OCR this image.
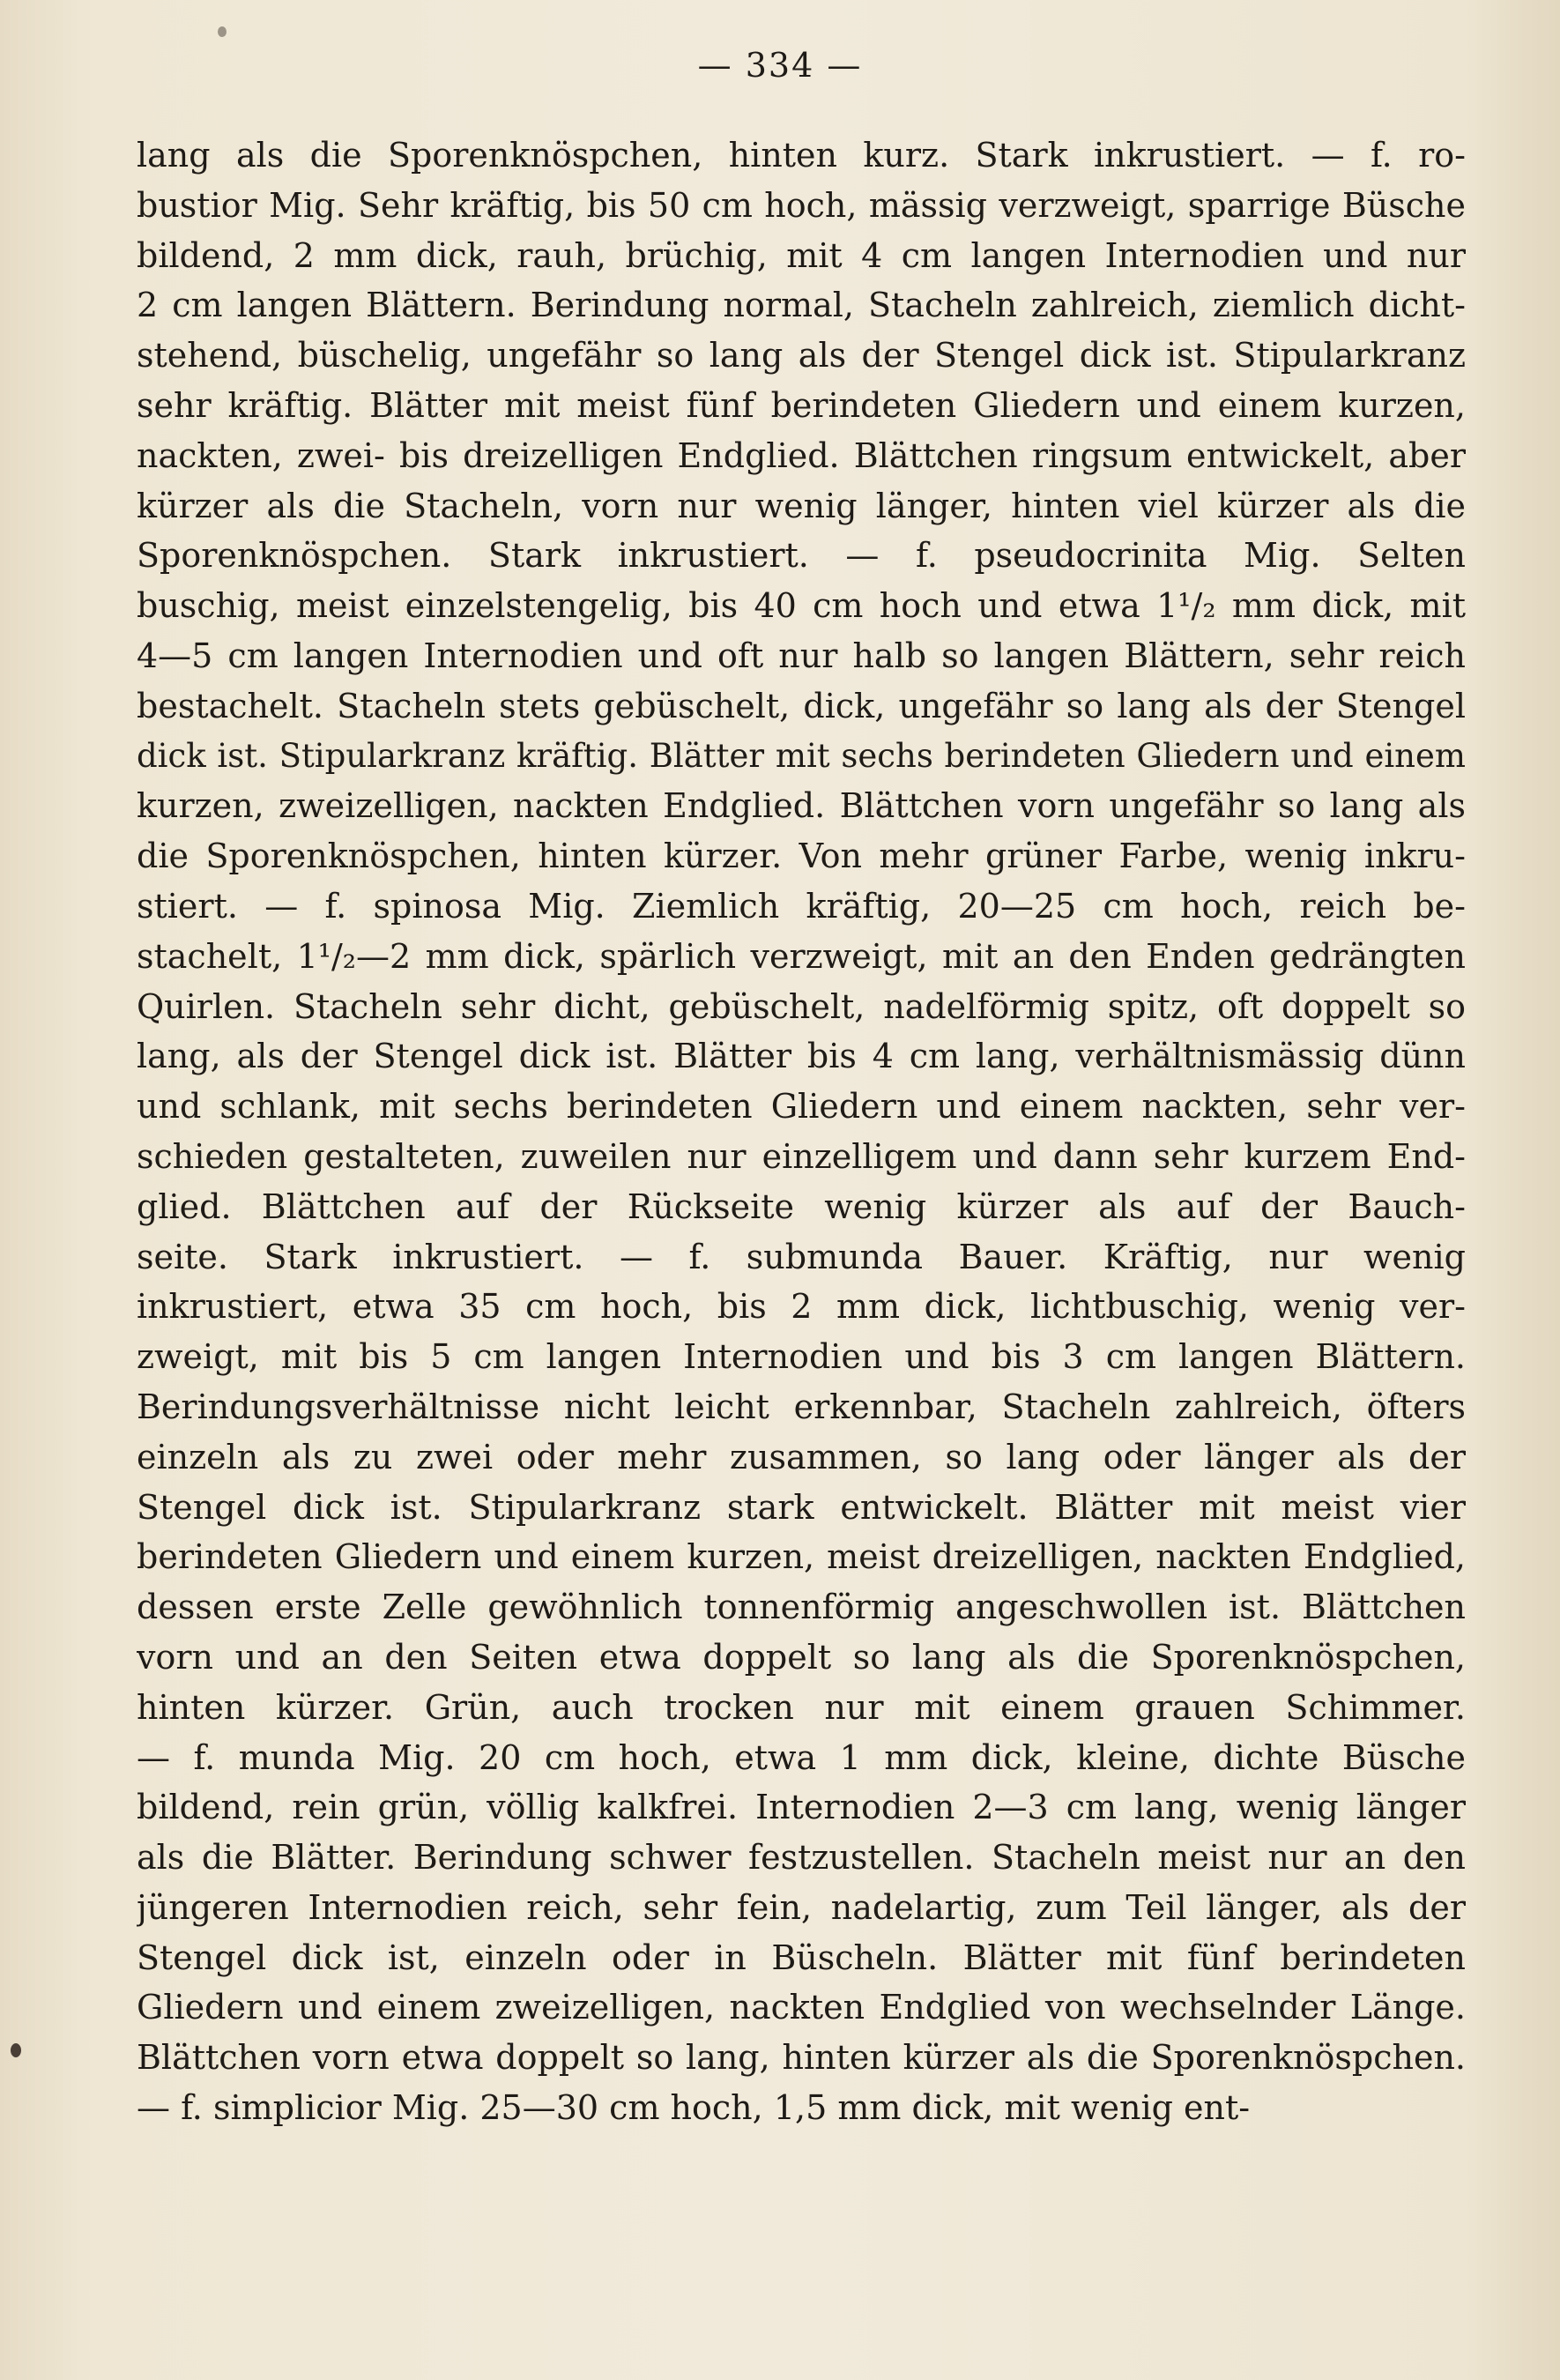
— 334 —
lang als die Sporenknöspchen, hinten kurz. Stark inkrustiert. — f. ro-
bustior Mig. Sehr kräftig, bis 50 cm hoch, mässig verzweigt, sparrige Büsche
bildend, 2 mm dick, rauh, brüchig, mit 4 cm langen Internodien und nur
2 cm langen Blättern. Berindung normal, Stacheln zahlreich, ziemlich dicht-
stehend, büschelig, ungefähr so lang als der Stengel dick ist. Stipularkranz
sehr kräftig. Blätter mit meist fünf berindeten Gliedern und einem kurzen,
nackten, zwei- bis dreizelligen Endglied. Blättchen ringsum entwickelt, aber
kürzer als die Stacheln, vorn nur wenig länger, hinten viel kürzer als die
Sporenknöspchen. Stark inkrustiert. — f. pseudocrinita Mig. Selten
buschig, meist einzelstengelig, bis 40 cm hoch und etwa 1¹/₂ mm dick, mit
4—5 cm langen Internodien und oft nur halb so langen Blättern, sehr reich
bestachelt. Stacheln stets gebüschelt, dick, ungefähr so lang als der Stengel
dick ist. Stipularkranz kräftig. Blätter mit sechs berindeten Gliedern und einem
kurzen, zweizelligen, nackten Endglied. Blättchen vorn ungefähr so lang als
die Sporenknöspchen, hinten kürzer. Von mehr grüner Farbe, wenig inkru-
stiert. — f. spinosa Mig. Ziemlich kräftig, 20—25 cm hoch, reich be-
stachelt, 1¹/₂—2 mm dick, spärlich verzweigt, mit an den Enden gedrängten
Quirlen. Stacheln sehr dicht, gebüschelt, nadelförmig spitz, oft doppelt so
lang, als der Stengel dick ist. Blätter bis 4 cm lang, verhältnismässig dünn
und schlank, mit sechs berindeten Gliedern und einem nackten, sehr ver-
schieden gestalteten, zuweilen nur einzelligem und dann sehr kurzem End-
glied. Blättchen auf der Rückseite wenig kürzer als auf der Bauch-
seite. Stark inkrustiert. — f. submunda Bauer. Kräftig, nur wenig
inkrustiert, etwa 35 cm hoch, bis 2 mm dick, lichtbuschig, wenig ver-
zweigt, mit bis 5 cm langen Internodien und bis 3 cm langen Blättern.
Berindungsverhältnisse nicht leicht erkennbar, Stacheln zahlreich, öfters
einzeln als zu zwei oder mehr zusammen, so lang oder länger als der
Stengel dick ist. Stipularkranz stark entwickelt. Blätter mit meist vier
berindeten Gliedern und einem kurzen, meist dreizelligen, nackten Endglied,
dessen erste Zelle gewöhnlich tonnenförmig angeschwollen ist. Blättchen
vorn und an den Seiten etwa doppelt so lang als die Sporenknöspchen,
hinten kürzer. Grün, auch trocken nur mit einem grauen Schimmer.
— f. munda Mig. 20 cm hoch, etwa 1 mm dick, kleine, dichte Büsche
bildend, rein grün, völlig kalkfrei. Internodien 2—3 cm lang, wenig länger
als die Blätter. Berindung schwer festzustellen. Stacheln meist nur an den
jüngeren Internodien reich, sehr fein, nadelartig, zum Teil länger, als der
Stengel dick ist, einzeln oder in Büscheln. Blätter mit fünf berindeten
Gliedern und einem zweizelligen, nackten Endglied von wechselnder Länge.
Blättchen vorn etwa doppelt so lang, hinten kürzer als die Sporenknöspchen.
— f. simplicior Mig. 25—30 cm hoch, 1,5 mm dick, mit wenig ent-
